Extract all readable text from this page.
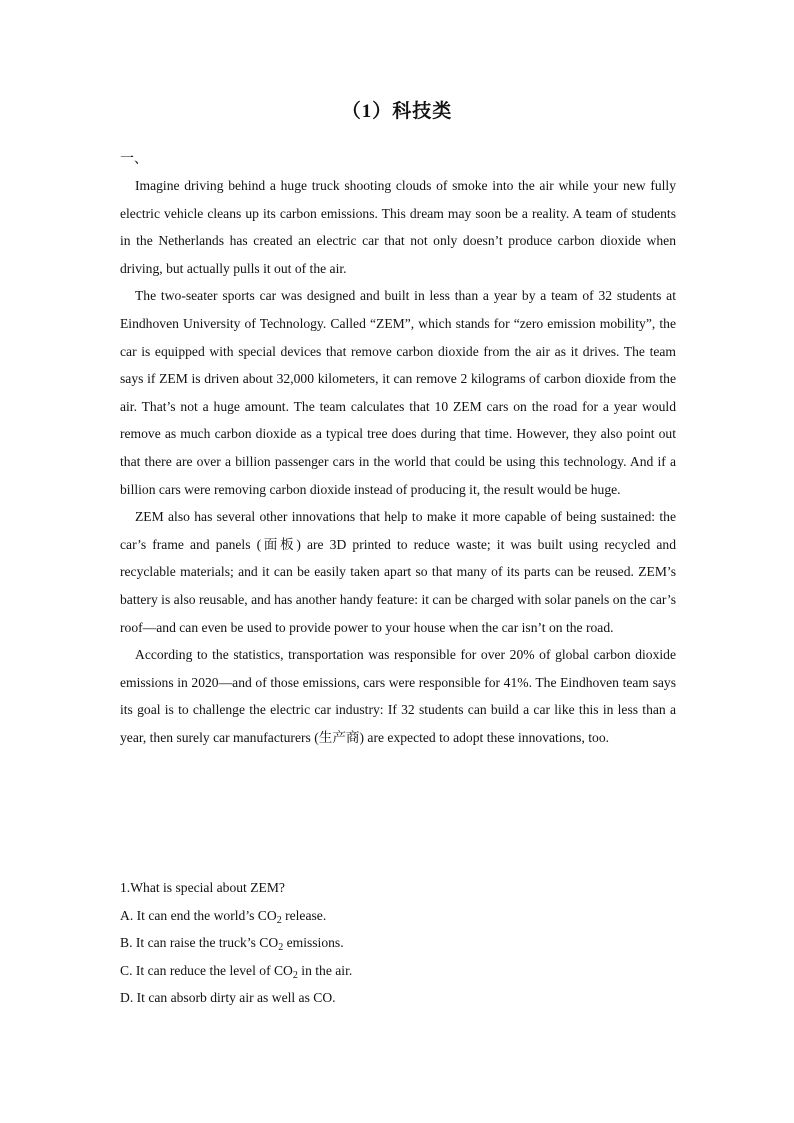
（1）科技类
一、

Imagine driving behind a huge truck shooting clouds of smoke into the air while your new fully electric vehicle cleans up its carbon emissions. This dream may soon be a reality. A team of students in the Netherlands has created an electric car that not only doesn’t produce carbon dioxide when driving, but actually pulls it out of the air.

The two-seater sports car was designed and built in less than a year by a team of 32 students at Eindhoven University of Technology. Called “ZEM”, which stands for “zero emission mobility”, the car is equipped with special devices that remove carbon dioxide from the air as it drives. The team says if ZEM is driven about 32,000 kilometers, it can remove 2 kilograms of carbon dioxide from the air. That’s not a huge amount. The team calculates that 10 ZEM cars on the road for a year would remove as much carbon dioxide as a typical tree does during that time. However, they also point out that there are over a billion passenger cars in the world that could be using this technology. And if a billion cars were removing carbon dioxide instead of producing it, the result would be huge.

ZEM also has several other innovations that help to make it more capable of being sustained: the car’s frame and panels (面板) are 3D printed to reduce waste; it was built using recycled and recyclable materials; and it can be easily taken apart so that many of its parts can be reused. ZEM’s battery is also reusable, and has another handy feature: it can be charged with solar panels on the car’s roof—and can even be used to provide power to your house when the car isn’t on the road.

According to the statistics, transportation was responsible for over 20% of global carbon dioxide emissions in 2020—and of those emissions, cars were responsible for 41%. The Eindhoven team says its goal is to challenge the electric car industry: If 32 students can build a car like this in less than a year, then surely car manufacturers (生产商) are expected to adopt these innovations, too.

1.What is special about ZEM?
A. It can end the world’s $CO_2$ release.
B. It can raise the truck’s $CO_2$ emissions.
C. It can reduce the level of $CO_2$ in the air.
D. It can absorb dirty air as well as CO.
